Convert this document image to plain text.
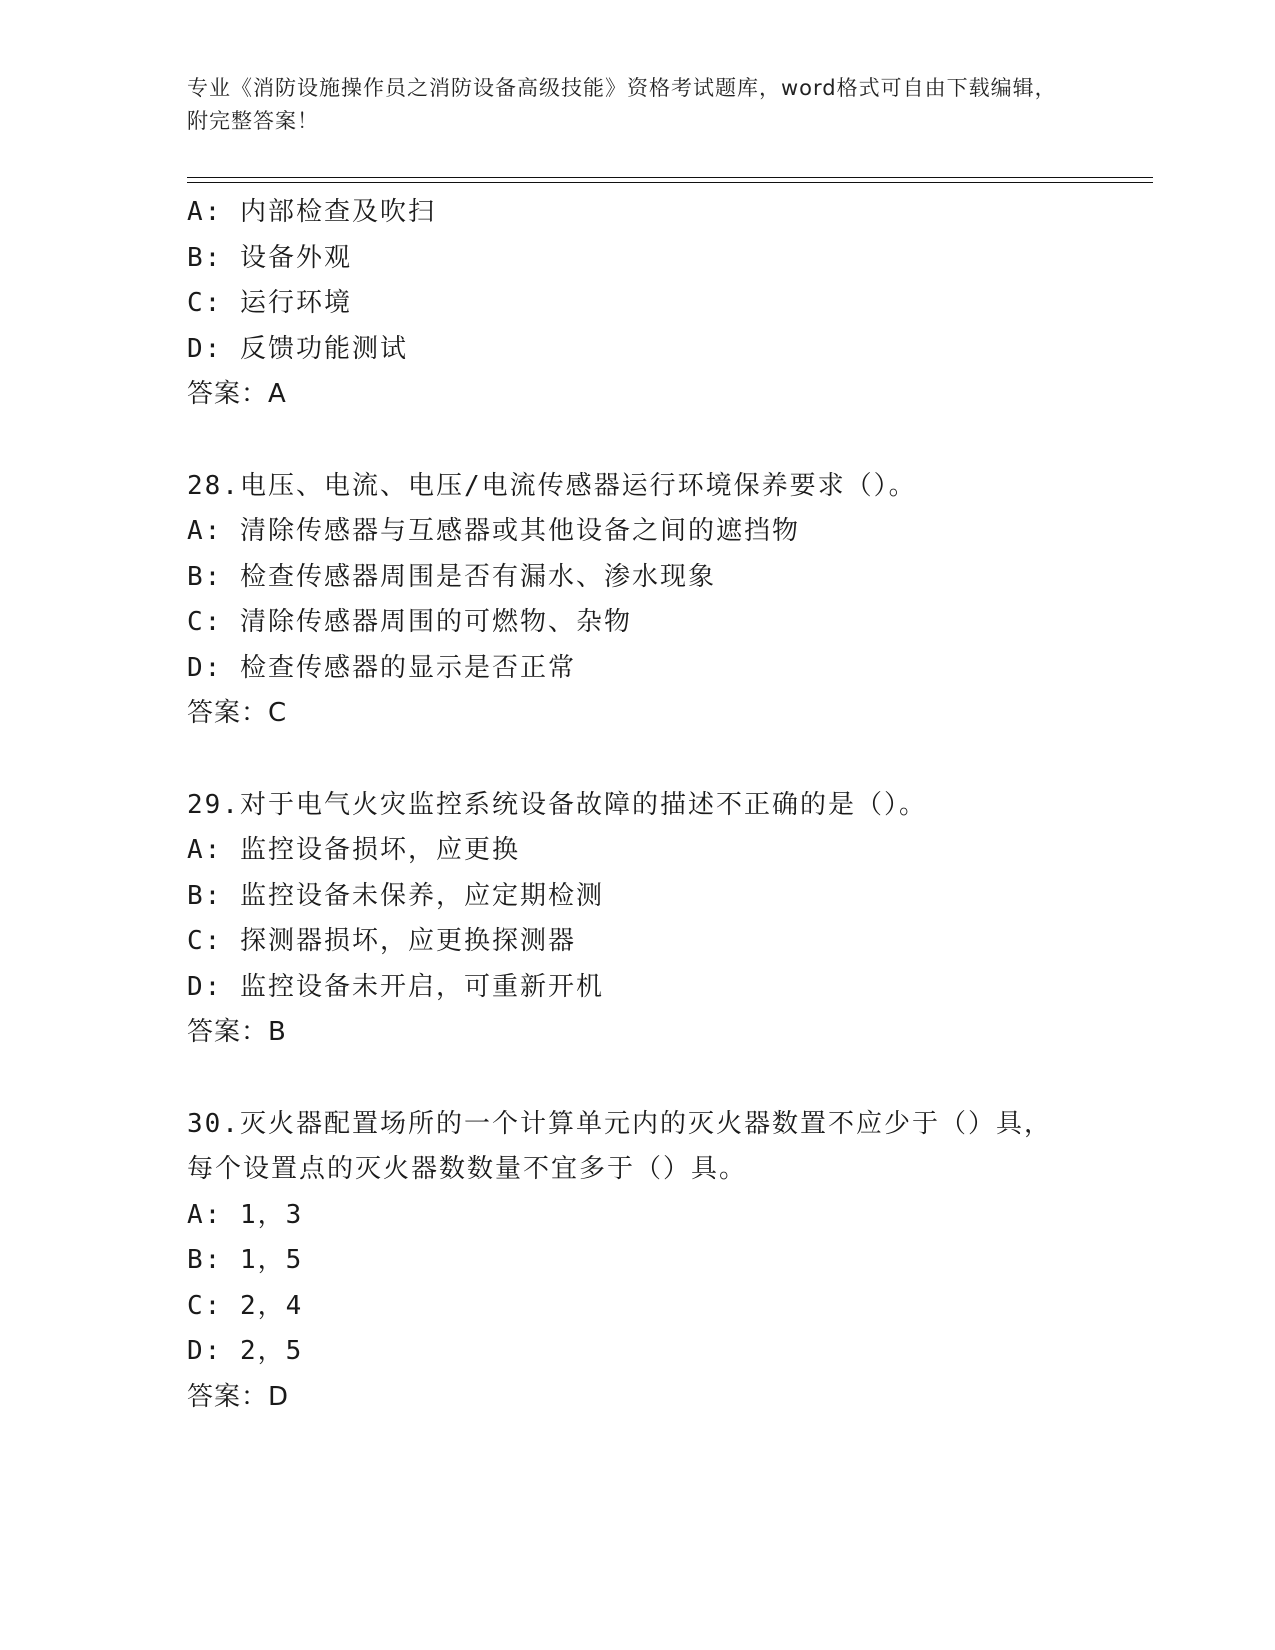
专业《消防设施操作员之消防设备高级技能》资格考试题库，word格式可自由下载编辑，附完整答案！
A: 内部检查及吹扫
B: 设备外观
C: 运行环境
D: 反馈功能测试
答案：A
28.电压、电流、电压/电流传感器运行环境保养要求（）。
A: 清除传感器与互感器或其他设备之间的遮挡物
B: 检查传感器周围是否有漏水、渗水现象
C: 清除传感器周围的可燃物、杂物
D: 检查传感器的显示是否正常
答案：C
29.对于电气火灾监控系统设备故障的描述不正确的是（）。
A: 监控设备损坏，应更换
B: 监控设备未保养，应定期检测
C: 探测器损坏，应更换探测器
D: 监控设备未开启，可重新开机
答案：B
30.灭火器配置场所的一个计算单元内的灭火器数置不应少于（）具，每个设置点的灭火器数数量不宜多于（）具。
A: 1，3
B: 1，5
C: 2，4
D: 2，5
答案：D
